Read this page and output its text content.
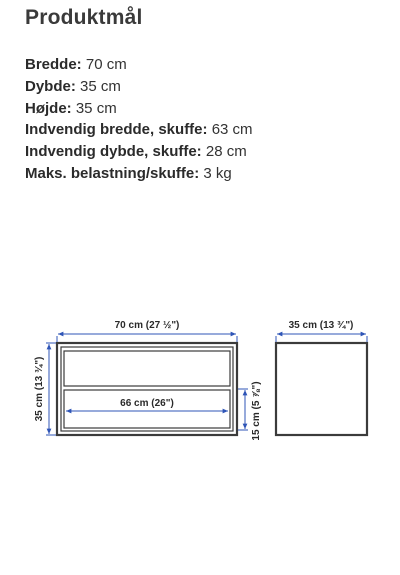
Produktmål
Bredde: 70 cm
Dybde: 35 cm
Højde: 35 cm
Indvendig bredde, skuffe: 63 cm
Indvendig dybde, skuffe: 28 cm
Maks. belastning/skuffe: 3 kg
70 cm (27 ½")
35 cm (13 ¾")	66 cm (26")	15 cm (5 ⅞")
35 cm (13 ¾")
